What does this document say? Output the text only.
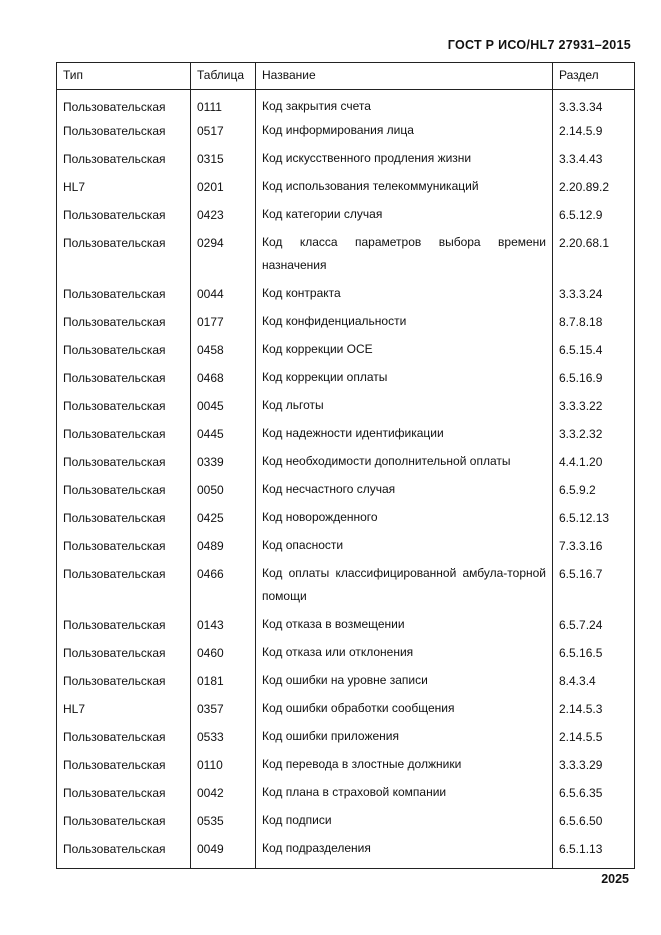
ГОСТ Р ИСО/HL7 27931–2015
Тип	Таблица	Название	Раздел
Пользовательская	0111	Код закрытия счета	3.3.3.34
Пользовательская	0517	Код информирования лица	2.14.5.9
Пользовательская	0315	Код искусственного продления жизни	3.3.4.43
HL7	0201	Код использования телекоммуникаций	2.20.89.2
Пользовательская	0423	Код категории случая	6.5.12.9
Пользовательская	0294	Код класса параметров выбора времени назначения	2.20.68.1
Пользовательская	0044	Код контракта	3.3.3.24
Пользовательская	0177	Код конфиденциальности	8.7.8.18
Пользовательская	0458	Код коррекции ОСЕ	6.5.15.4
Пользовательская	0468	Код коррекции оплаты	6.5.16.9
Пользовательская	0045	Код льготы	3.3.3.22
Пользовательская	0445	Код надежности идентификации	3.3.2.32
Пользовательская	0339	Код необходимости дополнительной оплаты	4.4.1.20
Пользовательская	0050	Код несчастного случая	6.5.9.2
Пользовательская	0425	Код новорожденного	6.5.12.13
Пользовательская	0489	Код опасности	7.3.3.16
Пользовательская	0466	Код оплаты классифицированной амбула-торной помощи	6.5.16.7
Пользовательская	0143	Код отказа в возмещении	6.5.7.24
Пользовательская	0460	Код отказа или отклонения	6.5.16.5
Пользовательская	0181	Код ошибки на уровне записи	8.4.3.4
HL7	0357	Код ошибки обработки сообщения	2.14.5.3
Пользовательская	0533	Код ошибки приложения	2.14.5.5
Пользовательская	0110	Код перевода в злостные должники	3.3.3.29
Пользовательская	0042	Код плана в страховой компании	6.5.6.35
Пользовательская	0535	Код подписи	6.5.6.50
Пользовательская	0049	Код подразделения	6.5.1.13
2025
